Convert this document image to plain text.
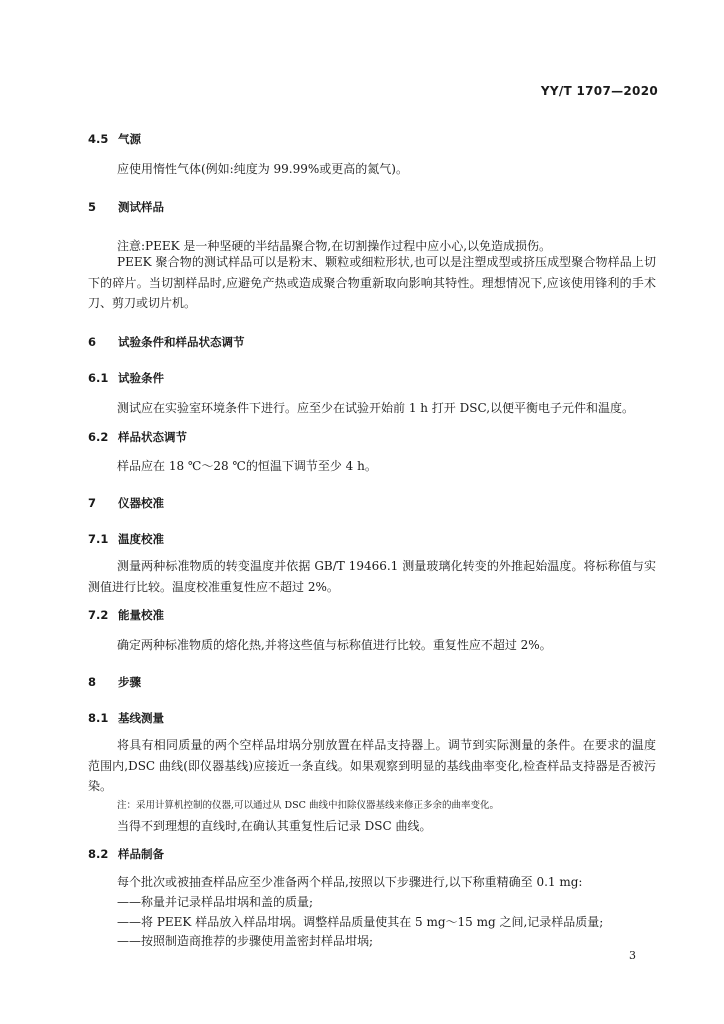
YY/T 1707—2020
4.5 气源
应使用惰性气体(例如:纯度为 99.99%或更高的氮气)。
5 测试样品
注意:PEEK 是一种坚硬的半结晶聚合物,在切割操作过程中应小心,以免造成损伤。
PEEK 聚合物的测试样品可以是粉末、颗粒或细粒形状,也可以是注塑成型或挤压成型聚合物样品上切下的碎片。当切割样品时,应避免产热或造成聚合物重新取向影响其特性。理想情况下,应该使用锋利的手术刀、剪刀或切片机。
6 试验条件和样品状态调节
6.1 试验条件
测试应在实验室环境条件下进行。应至少在试验开始前 1 h 打开 DSC,以便平衡电子元件和温度。
6.2 样品状态调节
样品应在 18 ℃～28 ℃的恒温下调节至少 4 h。
7 仪器校准
7.1 温度校准
测量两种标准物质的转变温度并依据 GB/T 19466.1 测量玻璃化转变的外推起始温度。将标称值与实测值进行比较。温度校准重复性应不超过 2%。
7.2 能量校准
确定两种标准物质的熔化热,并将这些值与标称值进行比较。重复性应不超过 2%。
8 步骤
8.1 基线测量
将具有相同质量的两个空样品坩埚分别放置在样品支持器上。调节到实际测量的条件。在要求的温度范围内,DSC 曲线(即仪器基线)应接近一条直线。如果观察到明显的基线曲率变化,检查样品支持器是否被污染。
注：采用计算机控制的仪器,可以通过从 DSC 曲线中扣除仪器基线来修正多余的曲率变化。
当得不到理想的直线时,在确认其重复性后记录 DSC 曲线。
8.2 样品制备
每个批次或被抽查样品应至少准备两个样品,按照以下步骤进行,以下称重精确至 0.1 mg:
——称量并记录样品坩埚和盖的质量;
——将 PEEK 样品放入样品坩埚。调整样品质量使其在 5 mg～15 mg 之间,记录样品质量;
——按照制造商推荐的步骤使用盖密封样品坩埚;
3
